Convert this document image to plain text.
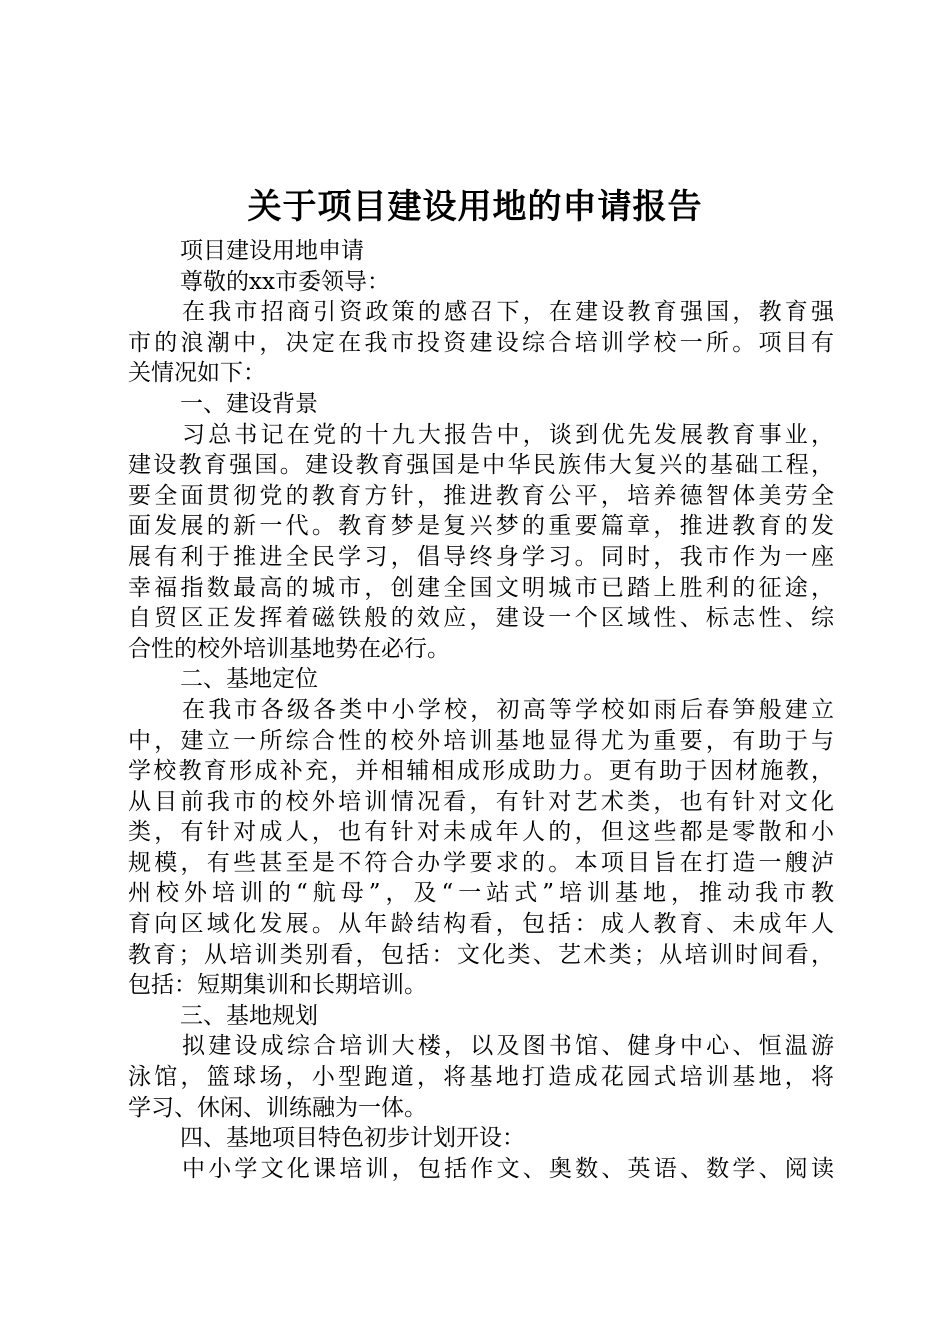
关于项目建设用地的申请报告
项目建设用地申请
尊敬的xx市委领导：
在我市招商引资政策的感召下，在建设教育强国，教育强
市的浪潮中，决定在我市投资建设综合培训学校一所。项目有
关情况如下：
一、建设背景
习总书记在党的十九大报告中，谈到优先发展教育事业，
建设教育强国。建设教育强国是中华民族伟大复兴的基础工程，
要全面贯彻党的教育方针，推进教育公平，培养德智体美劳全
面发展的新一代。教育梦是复兴梦的重要篇章，推进教育的发
展有利于推进全民学习，倡导终身学习。同时，我市作为一座
幸福指数最高的城市，创建全国文明城市已踏上胜利的征途，
自贸区正发挥着磁铁般的效应，建设一个区域性、标志性、综
合性的校外培训基地势在必行。
二、基地定位
在我市各级各类中小学校，初高等学校如雨后春笋般建立
中，建立一所综合性的校外培训基地显得尤为重要，有助于与
学校教育形成补充，并相辅相成形成助力。更有助于因材施教，
从目前我市的校外培训情况看，有针对艺术类，也有针对文化
类，有针对成人，也有针对未成年人的，但这些都是零散和小
规模，有些甚至是不符合办学要求的。本项目旨在打造一艘泸
州校外培训的“航母”，及“一站式”培训基地，推动我市教
育向区域化发展。从年龄结构看，包括：成人教育、未成年人
教育；从培训类别看，包括：文化类、艺术类；从培训时间看，
包括：短期集训和长期培训。
三、基地规划
拟建设成综合培训大楼，以及图书馆、健身中心、恒温游
泳馆，篮球场，小型跑道，将基地打造成花园式培训基地，将
学习、休闲、训练融为一体。
四、基地项目特色初步计划开设：
中小学文化课培训，包括作文、奥数、英语、数学、阅读
